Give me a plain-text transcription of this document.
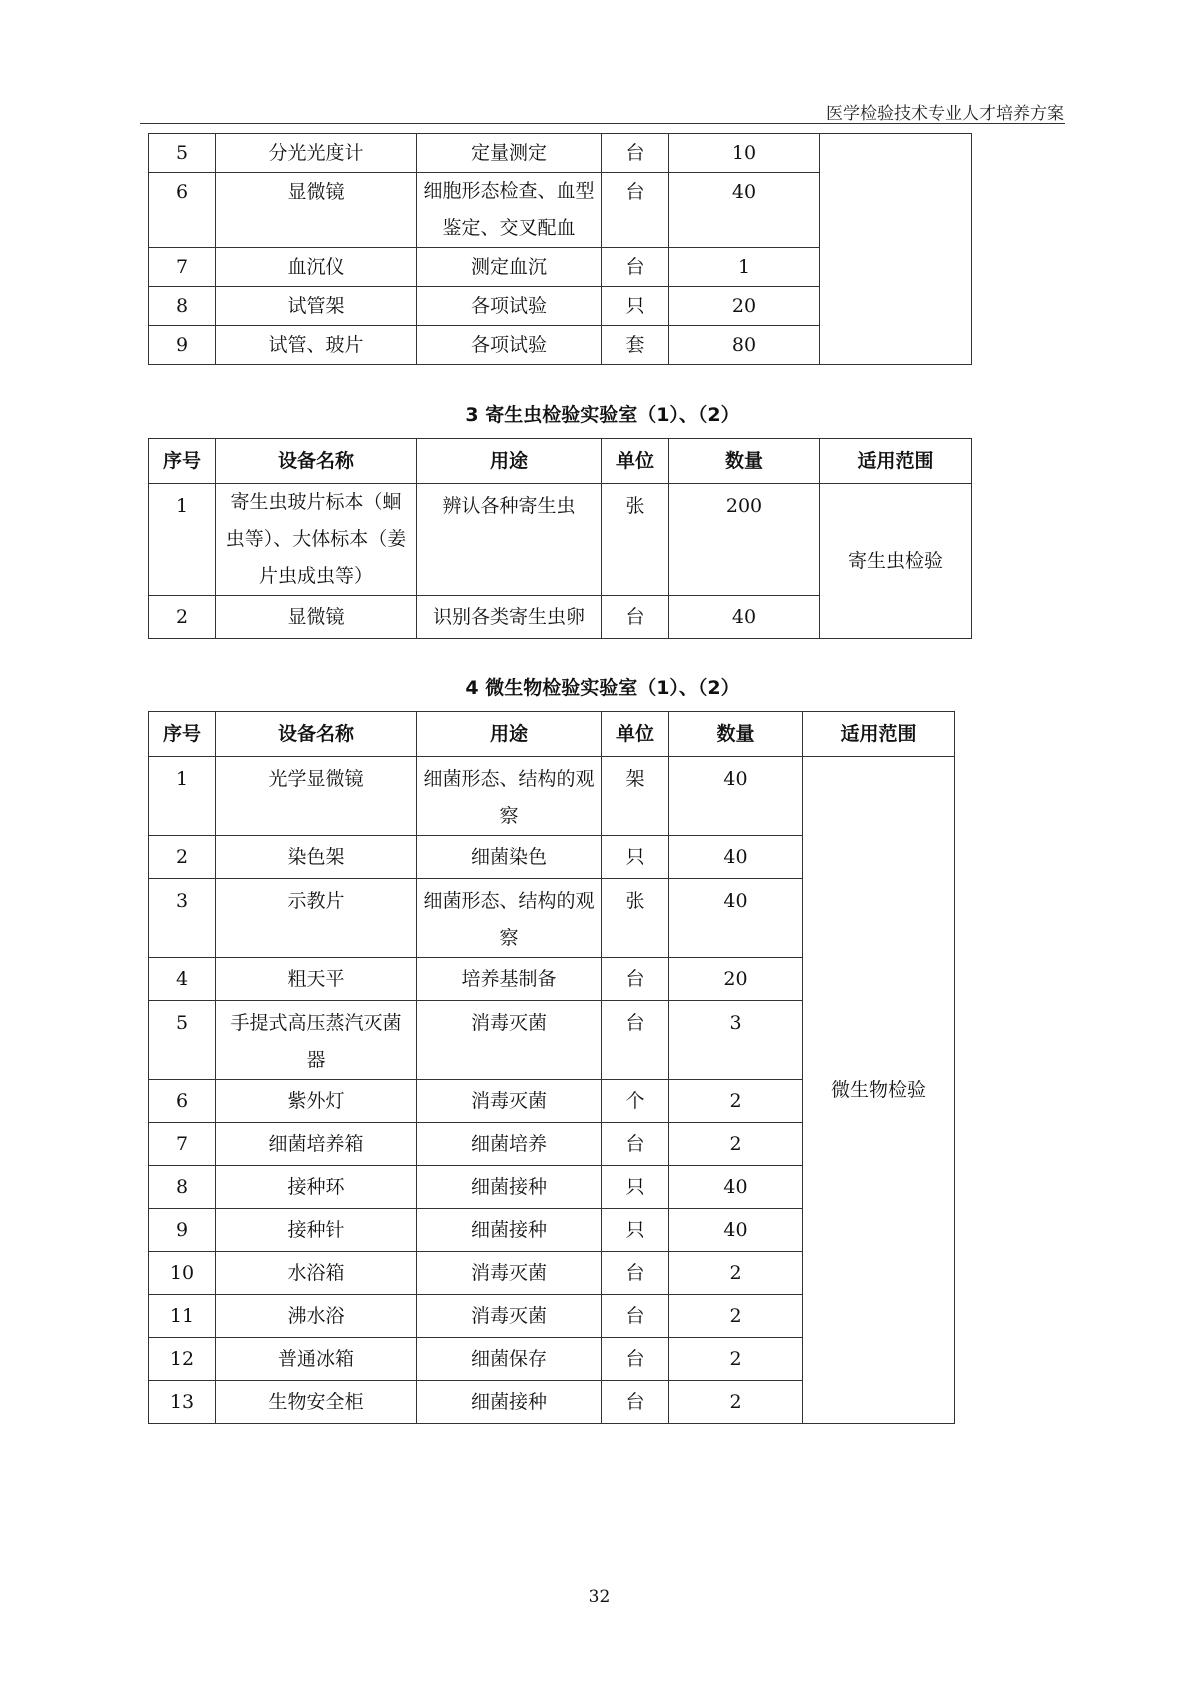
医学检验技术专业人才培养方案
5	分光光度计	定量测定	台	10	
6	显微镜	细胞形态检查、血型鉴定、交叉配血	台	40	
7	血沉仪	测定血沉	台	1	
8	试管架	各项试验	只	20	
9	试管、玻片	各项试验	套	80	
3 寄生虫检验实验室（1）、（2）
序号	设备名称	用途	单位	数量	适用范围
1	寄生虫玻片标本（蛔虫等）、大体标本（姜片虫成虫等）	辨认各种寄生虫	张	200	寄生虫检验
2	显微镜	识别各类寄生虫卵	台	40	
4 微生物检验实验室（1）、（2）
序号	设备名称	用途	单位	数量	适用范围
1	光学显微镜	细菌形态、结构的观察	架	40	微生物检验
2	染色架	细菌染色	只	40	
3	示教片	细菌形态、结构的观察	张	40	
4	粗天平	培养基制备	台	20	
5	手提式高压蒸汽灭菌器	消毒灭菌	台	3	
6	紫外灯	消毒灭菌	个	2	
7	细菌培养箱	细菌培养	台	2	
8	接种环	细菌接种	只	40	
9	接种针	细菌接种	只	40	
10	水浴箱	消毒灭菌	台	2	
11	沸水浴	消毒灭菌	台	2	
12	普通冰箱	细菌保存	台	2	
13	生物安全柜	细菌接种	台	2	
32
